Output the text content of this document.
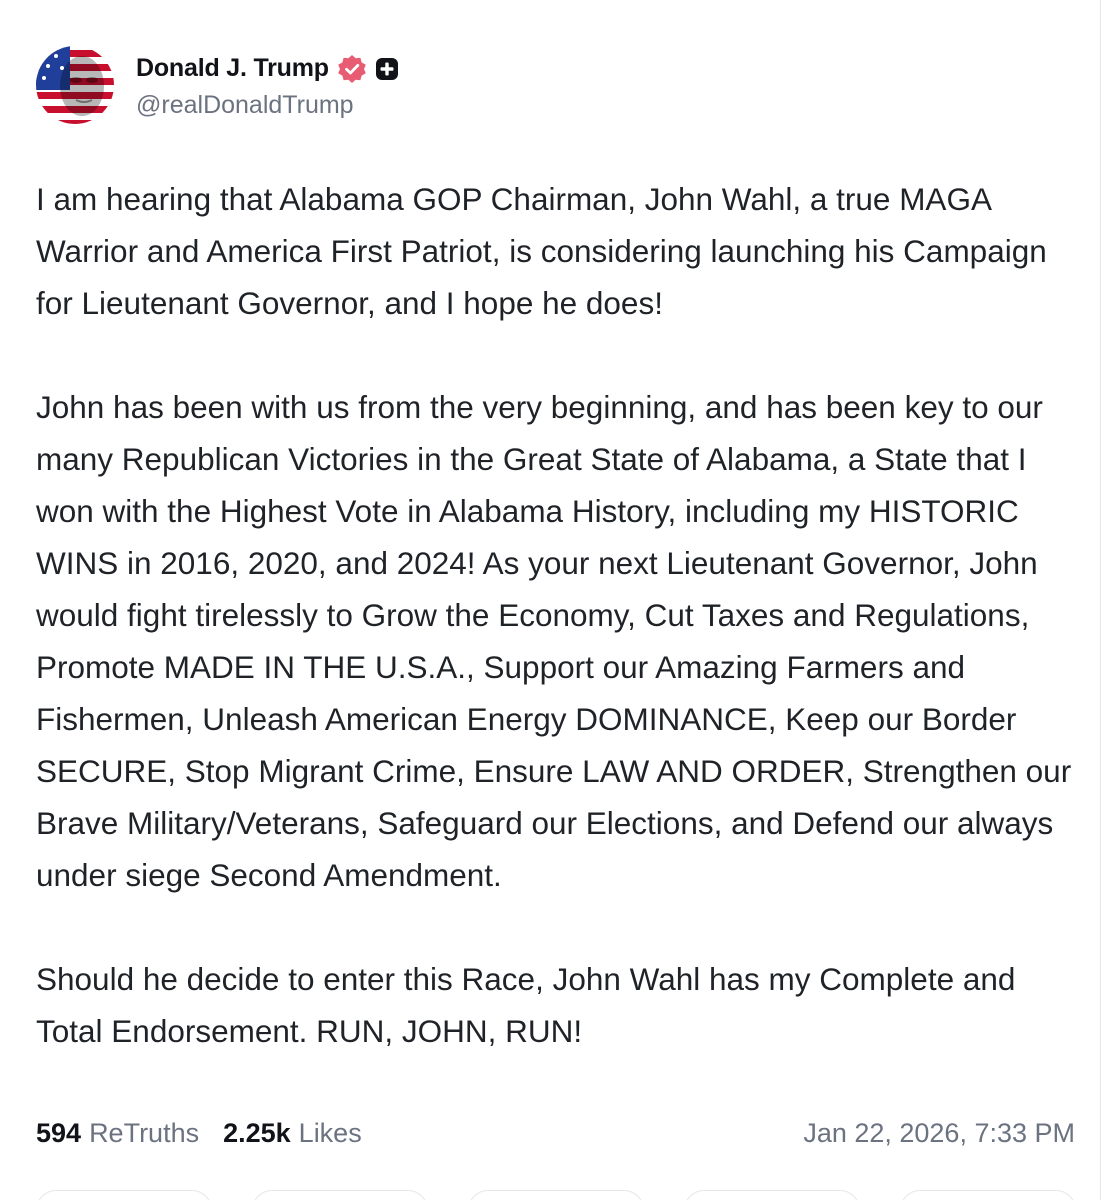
Donald J. Trump
@realDonaldTrump

I am hearing that Alabama GOP Chairman, John Wahl, a true MAGA Warrior and America First Patriot, is considering launching his Campaign for Lieutenant Governor, and I hope he does!

John has been with us from the very beginning, and has been key to our many Republican Victories in the Great State of Alabama, a State that I won with the Highest Vote in Alabama History, including my HISTORIC WINS in 2016, 2020, and 2024! As your next Lieutenant Governor, John would fight tirelessly to Grow the Economy, Cut Taxes and Regulations, Promote MADE IN THE U.S.A., Support our Amazing Farmers and Fishermen, Unleash American Energy DOMINANCE, Keep our Border SECURE, Stop Migrant Crime, Ensure LAW AND ORDER, Strengthen our Brave Military/Veterans, Safeguard our Elections, and Defend our always under siege Second Amendment.

Should he decide to enter this Race, John Wahl has my Complete and Total Endorsement. RUN, JOHN, RUN!

594 ReTruths 2.25k Likes	Jan 22, 2026, 7:33 PM
